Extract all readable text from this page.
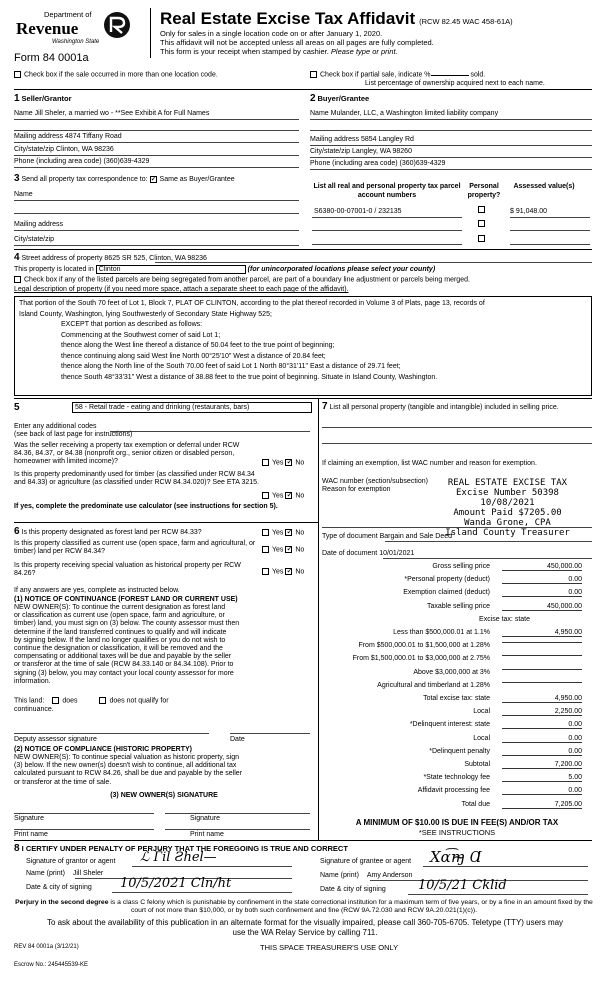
Department of
Revenue
Washington State
Form 84 0001a
Real Estate Excise Tax Affidavit (RCW 82.45 WAC 458-61A)
Only for sales in a single location code on or after January 1, 2020.
This affidavit will not be accepted unless all areas on all pages are fully completed.
This form is your receipt when stamped by cashier. Please type or print.
Check box if the sale occurred in more than one location code.	Check box if partial sale, indicate %	sold.
List percentage of ownership acquired next to each name.
1 Seller/Grantor
Name Jill Sheler, a married wo - **See Exhibit A for Full Names
Mailing address 4874 Tiffany Road
City/state/zip Clinton, WA 98236
Phone (including area code) (360)639-4329
2 Buyer/Grantee
Name Mulander, LLC, a Washington limited liability company
Mailing address 5854 Langley Rd
City/state/zip Langley, WA 98260
Phone (including area code) (360)639-4329
3 Send all property tax correspondence to: ✓ Same as Buyer/Grantee
Name
Mailing address
City/state/zip
List all real and personal property tax parcel account numbers
Personal property?
Assessed value(s)
S6380-00-07001-0 / 232135	$ 91,048.00
4 Street address of property 8625 SR 525, Clinton, WA 98236
This property is located in Clinton	(for unincorporated locations please select your county)
Check box if any of the listed parcels are being segregated from another parcel, are part of a boundary line adjustment or parcels being merged.
Legal description of property (if you need more space, attach a separate sheet to each page of the affidavit).
That portion of the South 70 feet of Lot 1, Block 7, PLAT OF CLINTON, according to the plat thereof recorded in Volume 3 of Plats, page 13, records of
Island County, Washington, lying Southwesterly of Secondary State Highway 525;
EXCEPT that portion as described as follows:
Commencing at the Southwest corner of said Lot 1;
thence along the West line thereof a distance of 50.04 feet to the true point of beginning;
thence continuing along said West line North 00°25'10" West a distance of 20.84 feet;
thence along the North line of the South 70.00 feet of said Lot 1 North 80°31'11" East a distance of 29.71 feet;
thence South 48°33'31" West a distance of 38.88 feet to the true point of beginning. Situate in Island County, Washington.
5	58 - Retail trade - eating and drinking (restaurants, bars)
Enter any additional codes
(see back of last page for instructions)
Was the seller receiving a property tax exemption or deferral under RCW 84.36, 84.37, or 84.38 (nonprofit org., senior citizen or disabled person, homeowner with limited income)?	Yes ✓ No
Is this property predominantly used for timber (as classified under RCW 84.34 and 84.33) or agriculture (as classified under RCW 84.34.020)? See ETA 3215.
Yes ✓ No
If yes, complete the predominate use calculator (see instructions for section 5).
6 Is this property designated as forest land per RCW 84.33?	Yes ✓ No
Is this property classified as current use (open space, farm and agricultural, or timber) land per RCW 84.34?	Yes ✓ No
Is this property receiving special valuation as historical property per RCW 84.26?	Yes ✓ No
If any answers are yes, complete as instructed below.
(1) NOTICE OF CONTINUANCE (FOREST LAND OR CURRENT USE)
NEW OWNER(S): To continue the current designation as forest land
or classification as current use (open space, farm and agriculture, or
timber) land, you must sign on (3) below. The county assessor must then
determine if the land transferred continues to qualify and will indicate
by signing below. If the land no longer qualifies or you do not wish to
continue the designation or classification, it will be removed and the
compensating or additional taxes will be due and payable by the seller
or transferor at the time of sale (RCW 84.33.140 or 84.34.108). Prior to
signing (3) below, you may contact your local county assessor for more
information.
This land:	does	does not qualify for
continuance.
Deputy assessor signature	Date
(2) NOTICE OF COMPLIANCE (HISTORIC PROPERTY)
NEW OWNER(S): To continue special valuation as historic property, sign
(3) below. If the new owner(s) doesn't wish to continue, all additional tax
calculated pursuant to RCW 84.26, shall be due and payable by the seller
or transferor at the time of sale.
(3) NEW OWNER(S) SIGNATURE
Signature	Signature
Print name	Print name
7 List all personal property (tangible and intangible) included in selling price.
If claiming an exemption, list WAC number and reason for exemption.
WAC number (section/subsection)
Reason for exemption
REAL ESTATE EXCISE TAX
Excise Number 50398
10/08/2021
Amount Paid $7205.00
Wanda Grone, CPA
Island County Treasurer
Type of document Bargain and Sale Deed
Date of document 10/01/2021
Gross selling price	450,000.00
*Personal property (deduct)	0.00
Exemption claimed (deduct)	0.00
Taxable selling price	450,000.00
Excise tax: state
Less than $500,000.01 at 1.1%	4,950.00
From $500,000.01 to $1,500,000 at 1.28%
From $1,500,000.01 to $3,000,000 at 2.75%
Above $3,000,000 at 3%
Agricultural and timberland at 1.28%
Total excise tax: state	4,950.00
Local	2,250.00
*Delinquent interest: state	0.00
Local	0.00
*Delinquent penalty	0.00
Subtotal	7,200.00
*State technology fee	5.00
Affidavit processing fee	0.00
Total due	7,205.00
A MINIMUM OF $10.00 IS DUE IN FEE(S) AND/OR TAX
*SEE INSTRUCTIONS
8 I CERTIFY UNDER PENALTY OF PERJURY THAT THE FOREGOING IS TRUE AND CORRECT
Signature of grantor or agent ℒ Ѓil Ƨhel—
Name (print) Jill Sheler
Date & city of signing 10/5/2021 Cln/ht
Signature of grantee or agent Xα͡ɱ̴ Ɑ
Name (print) Amy Anderson
Date & city of signing 10/5/21 Cklid
Perjury in the second degree is a class C felony which is punishable by confinement in the state correctional institution for a maximum term of five years, or by a fine in an amount fixed by the court of not more than $10,000, or by both such confinement and fine (RCW 9A.72.030 and RCW 9A.20.021(1)(c)).
To ask about the availability of this publication in an alternate format for the visually impaired, please call 360-705-6705. Teletype (TTY) users may use the WA Relay Service by calling 711.
REV 84 0001a (3/12/21)	THIS SPACE TREASURER'S USE ONLY
Escrow No.: 245445539-KE
